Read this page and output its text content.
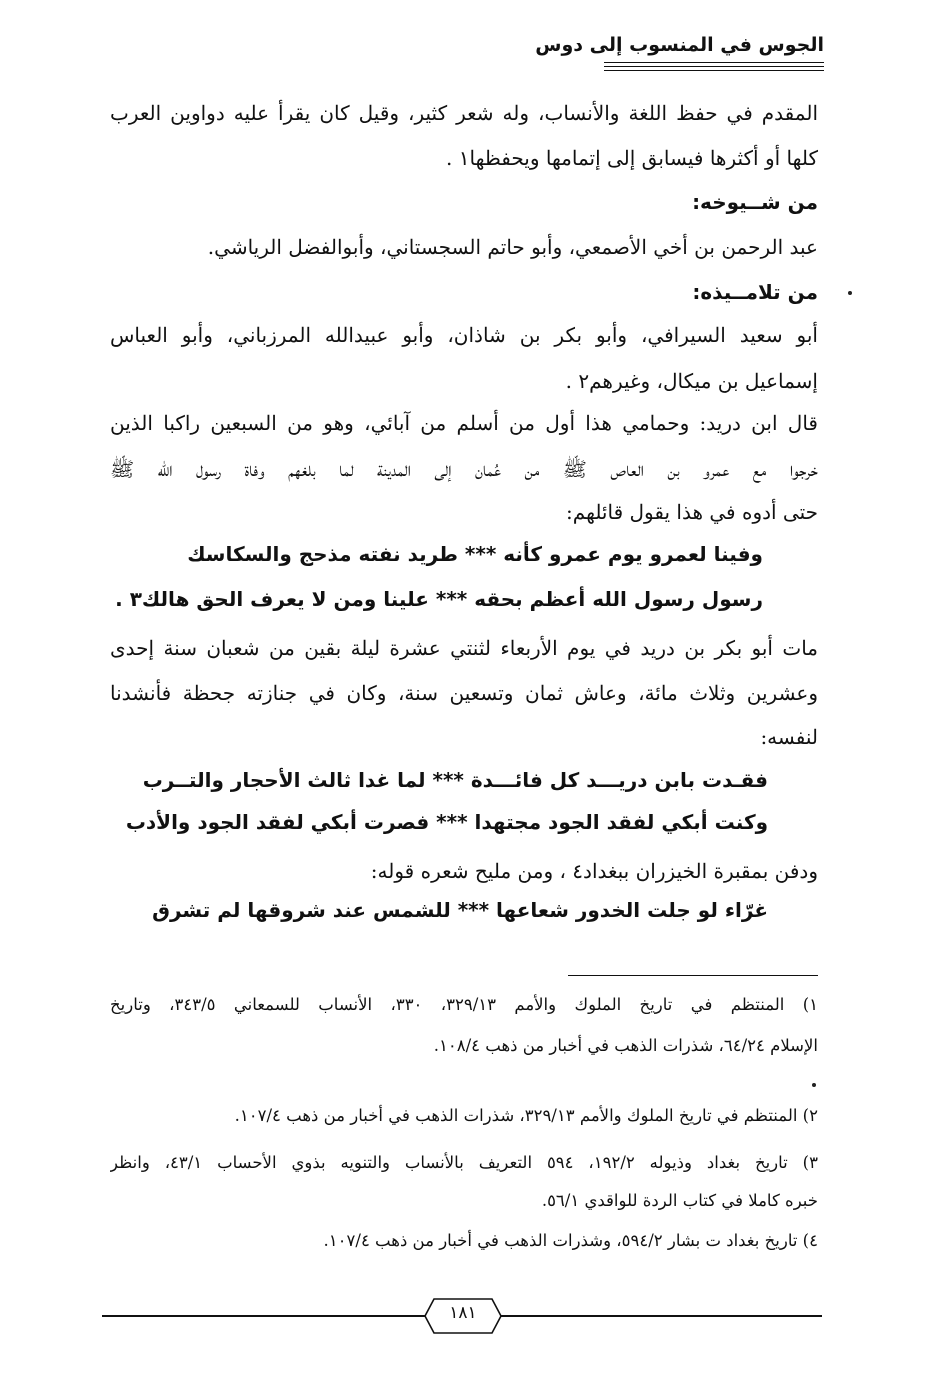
الجوس في المنسوب إلى دوس
المقدم في حفظ اللغة والأنساب، وله شعر كثير، وقيل كان يقرأ عليه دواوين العرب
كلها أو أكثرها فيسابق إلى إتمامها ويحفظها١ .
من شــيوخه:
عبد الرحمن بن أخي الأصمعي، وأبو حاتم السجستاني، وأبوالفضل الرياشي.
من تلامــيذه:
أبو سعيد السيرافي، وأبو بكر بن شاذان، وأبو عبيدالله المرزباني، وأبو العباس
إسماعيل بن ميكال، وغيرهم٢ .
قال ابن دريد: وحمامي هذا أول من أسلم من آبائي، وهو من السبعين راكبا الذين
خرجوا مع عمرو بن العاص ﷺ من عُمان إلى المدينة لما بلغهم وفاة رسول الله ﷺ
حتى أدوه في هذا يقول قائلهم:
وفينا لعمرو يوم عمرو كأنه *** طريد نفته مذحج والسكاسك
رسول رسول الله أعظم بحقه *** علينا ومن لا يعرف الحق هالك٣ .
مات أبو بكر بن دريد في يوم الأربعاء لثنتي عشرة ليلة بقين من شعبان سنة إحدى
وعشرين وثلاث مائة، وعاش ثمان وتسعين سنة، وكان في جنازته جحظة فأنشدنا
لنفسه:
فقـدت بابن دريـــد كل فائـــدة *** لما غدا ثالث الأحجار والتــرب
وكنت أبكي لفقد الجود مجتهدا *** فصرت أبكي لفقد الجود والأدب
ودفن بمقبرة الخيزران ببغداد٤ ، ومن مليح شعره قوله:
غرّاء لو جلت الخدور شعاعها *** للشمس عند شروقها لم تشرق
١) المنتظم في تاريخ الملوك والأمم ٣٢٩/١٣، ٣٣٠، الأنساب للسمعاني ٣٤٣/٥، وتاريخ
الإسلام ٦٤/٢٤، شذرات الذهب في أخبار من ذهب ١٠٨/٤.
٢) المنتظم في تاريخ الملوك والأمم ٣٢٩/١٣، شذرات الذهب في أخبار من ذهب ١٠٧/٤.
٣) تاريخ بغداد وذيوله ١٩٢/٢، ٥٩٤ التعريف بالأنساب والتنويه بذوي الأحساب ٤٣/١، وانظر
خبره كاملا في كتاب الردة للواقدي ٥٦/١.
٤) تاريخ بغداد ت بشار ٥٩٤/٢، وشذرات الذهب في أخبار من ذهب ١٠٧/٤.
١٨١
